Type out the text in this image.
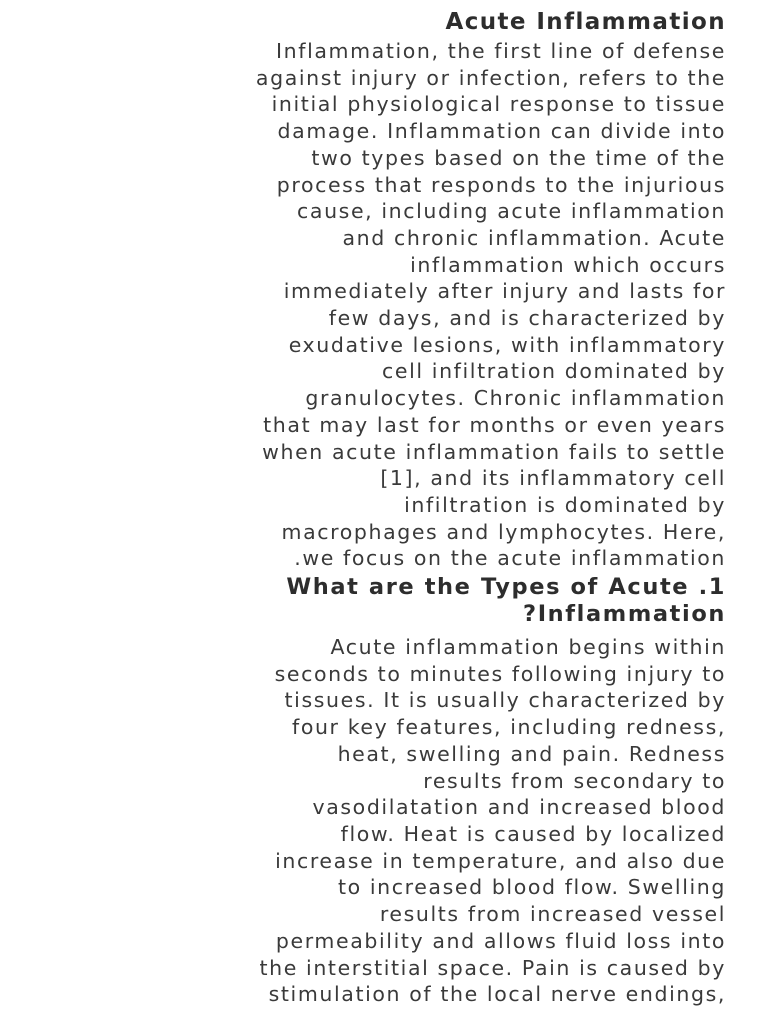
Acute Inflammation
Inflammation, the first line of defense
against injury or infection, refers to the
initial physiological response to tissue
damage. Inflammation can divide into
two types based on the time of the
process that responds to the injurious
cause, including acute inflammation
and chronic inflammation. Acute
inflammation which occurs
immediately after injury and lasts for
few days, and is characterized by
exudative lesions, with inflammatory
cell infiltration dominated by
granulocytes. Chronic inflammation
that may last for months or even years
when acute inflammation fails to settle
[1], and its inflammatory cell
infiltration is dominated by
macrophages and lymphocytes. Here,
.we focus on the acute inflammation
What are the Types of Acute .1
?Inflammation
Acute inflammation begins within
seconds to minutes following injury to
tissues. It is usually characterized by
four key features, including redness,
heat, swelling and pain. Redness
results from secondary to
vasodilatation and increased blood
flow. Heat is caused by localized
increase in temperature, and also due
to increased blood flow. Swelling
results from increased vessel
permeability and allows fluid loss into
the interstitial space. Pain is caused by
stimulation of the local nerve endings,
